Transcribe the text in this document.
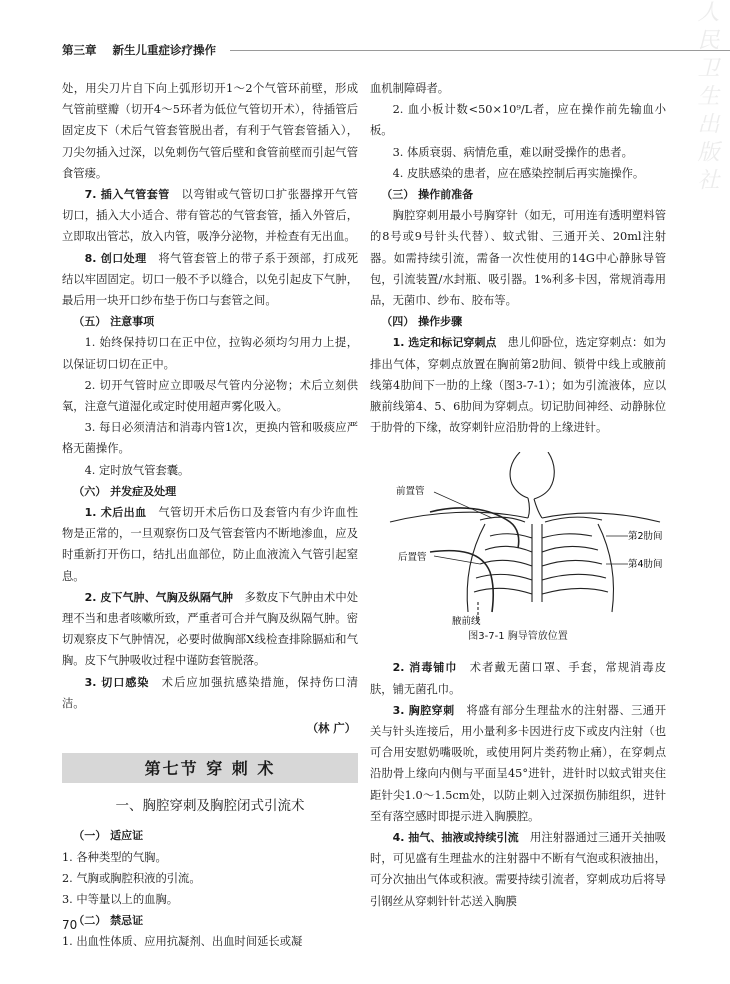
第三章 新生儿重症诊疗操作	人民卫生出版社

处，用尖刀片自下向上弧形切开1～2个气管环前壁，形成气管前壁瓣（切开4～5环者为低位气管切开术），待插管后固定皮下（术后气管套管脱出者，有利于气管套管插入），刀尖勿插入过深，以免刺伤气管后壁和食管前壁而引起气管食管瘘。

7. 插入气管套管　 以弯钳或气管切口扩张器撑开气管切口，插入大小适合、带有管芯的气管套管，插入外管后，立即取出管芯，放入内管，吸净分泌物，并检查有无出血。

8. 创口处理　 将气管套管上的带子系于颈部，打成死结以牢固固定。切口一般不予以缝合，以免引起皮下气肿，最后用一块开口纱布垫于伤口与套管之间。

（五） 注意事项

1. 始终保持切口在正中位，拉钩必须均匀用力上提，以保证切口切在正中。

2. 切开气管时应立即吸尽气管内分泌物；术后立刻供氧，注意气道湿化或定时使用超声雾化吸入。

3. 每日必须清洁和消毒内管1次，更换内管和吸痰应严格无菌操作。

4. 定时放气管套囊。

（六） 并发症及处理

1. 术后出血　 气管切开术后伤口及套管内有少许血性物是正常的，一旦观察伤口及气管套管内不断地渗血，应及时重新打开伤口，结扎出血部位，防止血液流入气管引起窒息。

2. 皮下气肿、气胸及纵隔气肿　 多数皮下气肿由术中处理不当和患者咳嗽所致，严重者可合并气胸及纵隔气肿。密切观察皮下气肿情况，必要时做胸部X线检查排除膈疝和气胸。皮下气肿吸收过程中谨防套管脱落。

3. 切口感染　 术后应加强抗感染措施，保持伤口清洁。

（林 广）

第七节 穿 刺 术
一、胸腔穿刺及胸腔闭式引流术

（一） 适应证

1. 各种类型的气胸。

2. 气胸或胸腔积液的引流。

3. 中等量以上的血胸。

（二） 禁忌证

1. 出血性体质、应用抗凝剂、出血时间延长或凝

血机制障碍者。

2. 血小板计数<50×10⁹/L者，应在操作前先输血小板。

3. 体质衰弱、病情危重，难以耐受操作的患者。

4. 皮肤感染的患者，应在感染控制后再实施操作。

（三） 操作前准备

胸腔穿刺用最小号胸穿针（如无，可用连有透明塑料管的8号或9号针头代替）、蚊式钳、三通开关、20ml注射器。如需持续引流，需备一次性使用的14G中心静脉导管包，引流装置/水封瓶、吸引器。1%利多卡因，常规消毒用品，无菌巾、纱布、胶布等。

（四） 操作步骤

1. 选定和标记穿刺点　 患儿仰卧位，选定穿刺点：如为排出气体，穿刺点放置在胸前第2肋间、锁骨中线上或腋前线第4肋间下一肋的上缘（图3-7-1）；如为引流液体，应以腋前线第4、5、6肋间为穿刺点。切记肋间神经、动静脉位于肋骨的下缘，故穿刺针应沿肋骨的上缘进针。

前置管
后置管
第2肋间
第4肋间
腋前线
图3-7-1 胸导管放位置

2. 消毒铺巾　 术者戴无菌口罩、手套，常规消毒皮肤，铺无菌孔巾。

3. 胸腔穿刺　 将盛有部分生理盐水的注射器、三通开关与针头连接后，用小量利多卡因进行皮下或皮内注射（也可合用安慰奶嘴吸吮，或使用阿片类药物止痛），在穿刺点沿肋骨上缘向内侧与平面呈45°进针，进针时以蚊式钳夹住距针尖1.0～1.5cm处，以防止刺入过深损伤肺组织，进针至有落空感时即提示进入胸膜腔。

4. 抽气、抽液或持续引流　 用注射器通过三通开关抽吸时，可见盛有生理盐水的注射器中不断有气泡或积液抽出，可分次抽出气体或积液。需要持续引流者，穿刺成功后将导引钢丝从穿刺针针芯送入胸膜

70
